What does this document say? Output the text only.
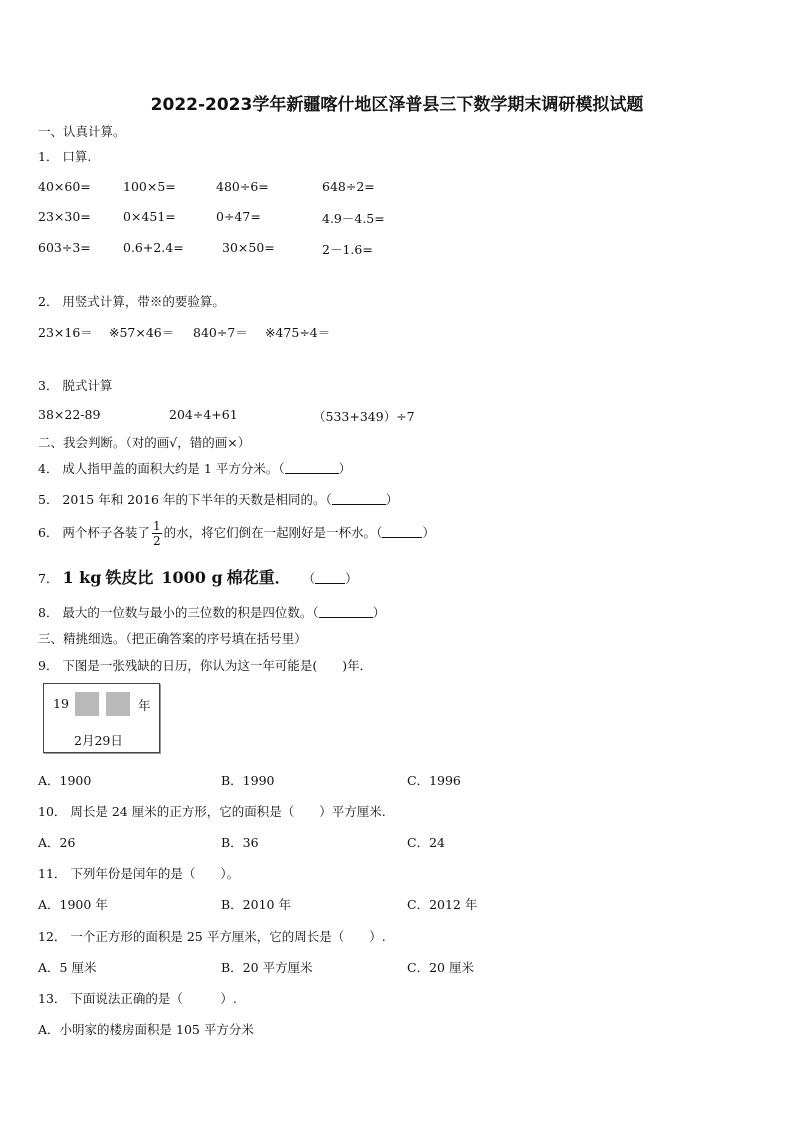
2022-2023学年新疆喀什地区泽普县三下数学期末调研模拟试题
一、认真计算。
1． 口算.
40×60=	100×5=	480÷6=	648÷2=
23×30=	0×451=	0÷47=	4.9－4.5=
603÷3=	0.6+2.4=	30×50=	2－1.6=
2． 用竖式计算，带※的要验算。
23×16＝ ※57×46＝ 840÷7＝ ※475÷4＝
3． 脱式计算
38×22-89	204÷4+61	（533+349）÷7
二、我会判断。（对的画√，错的画×）
4． 成人指甲盖的面积大约是 1 平方分米。（	）
5． 2015 年和 2016 年的下半年的天数是相同的。（	）
6． 两个杯子各装了 $\frac{1}{2}$ 的水，将它们倒在一起刚好是一杯水。（	）
7． 1 kg 铁皮比 1000 g 棉花重． （ ）
8． 最大的一位数与最小的三位数的积是四位数。（	）
三、精挑细选。（把正确答案的序号填在括号里）
9． 下图是一张残缺的日历，你认为这一年可能是(　　)年．
19	年
2月29日
A．1900	B．1990	C．1996
10． 周长是 24 厘米的正方形，它的面积是（　　）平方厘米.
A．26	B．36	C．24
11． 下列年份是闰年的是（　　）。
A．1900 年	B．2010 年	C．2012 年
12． 一个正方形的面积是 25 平方厘米，它的周长是（　　）.
A．5 厘米	B．20 平方厘米	C．20 厘米
13． 下面说法正确的是（　　　）.
A．小明家的楼房面积是 105 平方分米
